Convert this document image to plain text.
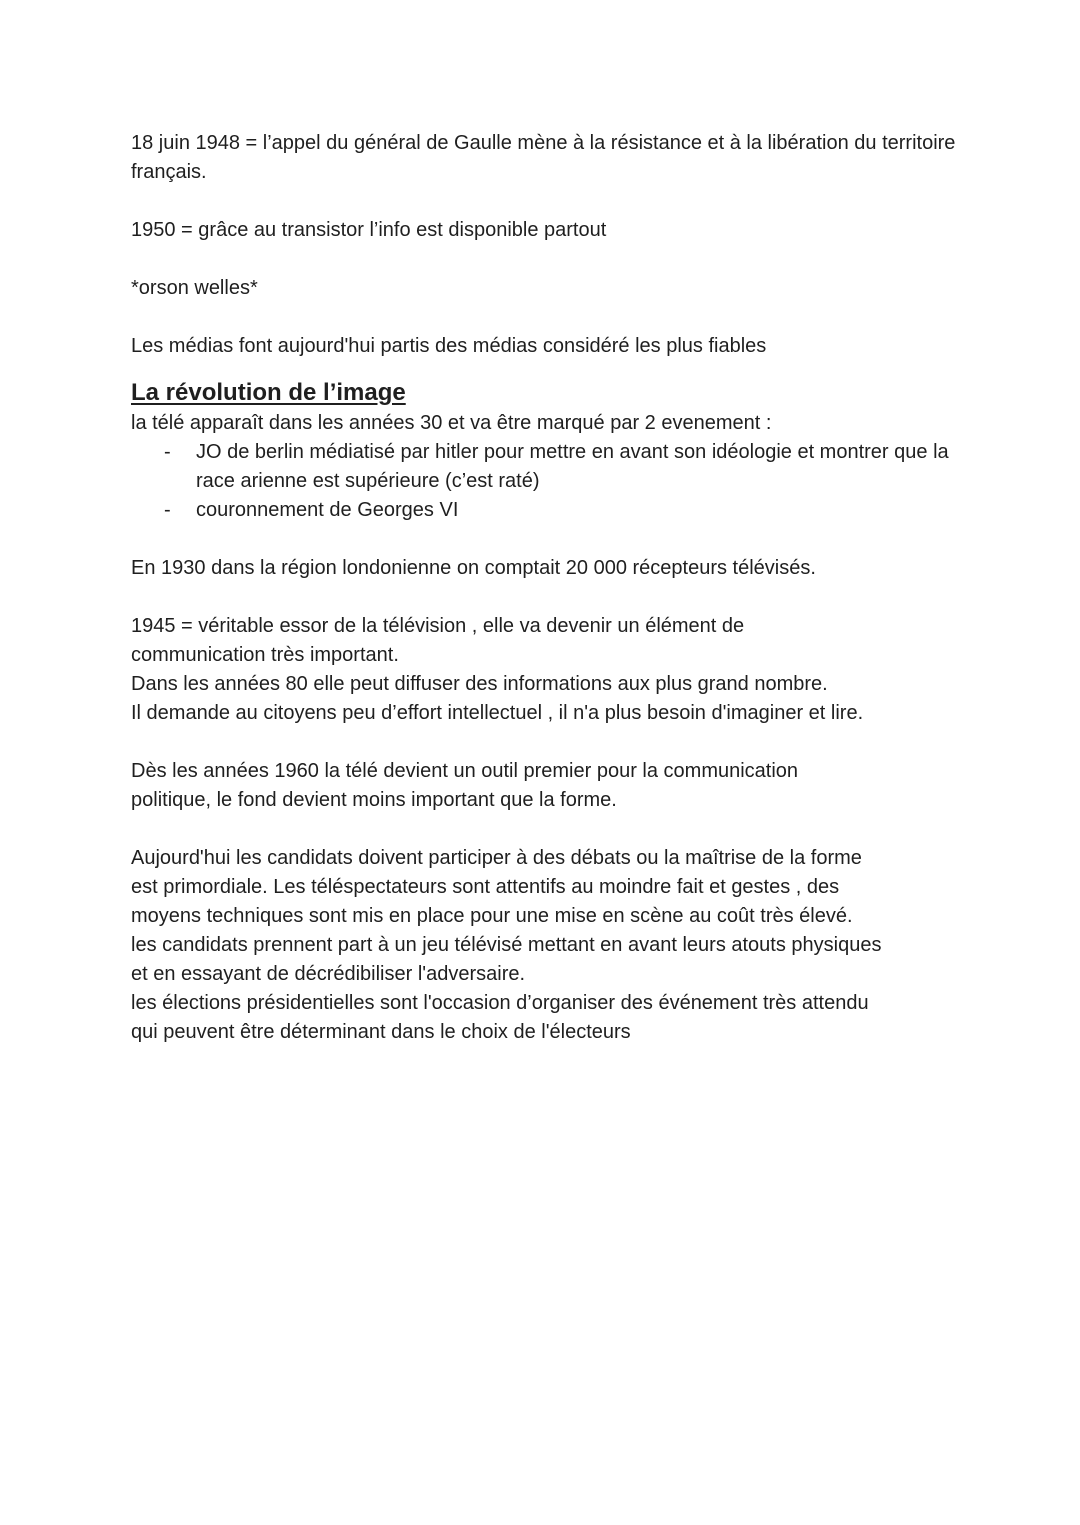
18 juin 1948 = l’appel du général de Gaulle mène à la résistance et à la libération du territoire français.

1950 = grâce au transistor l’info est disponible partout

*orson welles*

Les médias font aujourd'hui partis des médias considéré les plus fiables

La révolution de l’image

la télé apparaît dans les années 30 et va être marqué par 2 evenement :

- JO de berlin médiatisé par hitler pour mettre en avant son idéologie et montrer que la race arienne est supérieure (c’est raté)
- couronnement de Georges VI

En 1930 dans la région londonienne on comptait 20 000 récepteurs télévisés.

1945 = véritable essor de la télévision , elle va devenir un élément de

communication très important.

Dans les années 80 elle peut diffuser des informations aux plus grand nombre.

Il demande au citoyens peu d’effort intellectuel , il n'a plus besoin d'imaginer et lire.

Dès les années 1960 la télé devient un outil premier pour la communication

politique, le fond devient moins important que la forme.

Aujourd'hui les candidats doivent participer à des débats ou la maîtrise de la forme

est primordiale. Les téléspectateurs sont attentifs au moindre fait et gestes , des

moyens techniques sont mis en place pour une mise en scène au coût très élevé.

les candidats prennent part à un jeu télévisé mettant en avant leurs atouts physiques

et en essayant de décrédibiliser l'adversaire.

les élections présidentielles sont l'occasion d’organiser des événement très attendu

qui peuvent être déterminant dans le choix de l'électeurs
